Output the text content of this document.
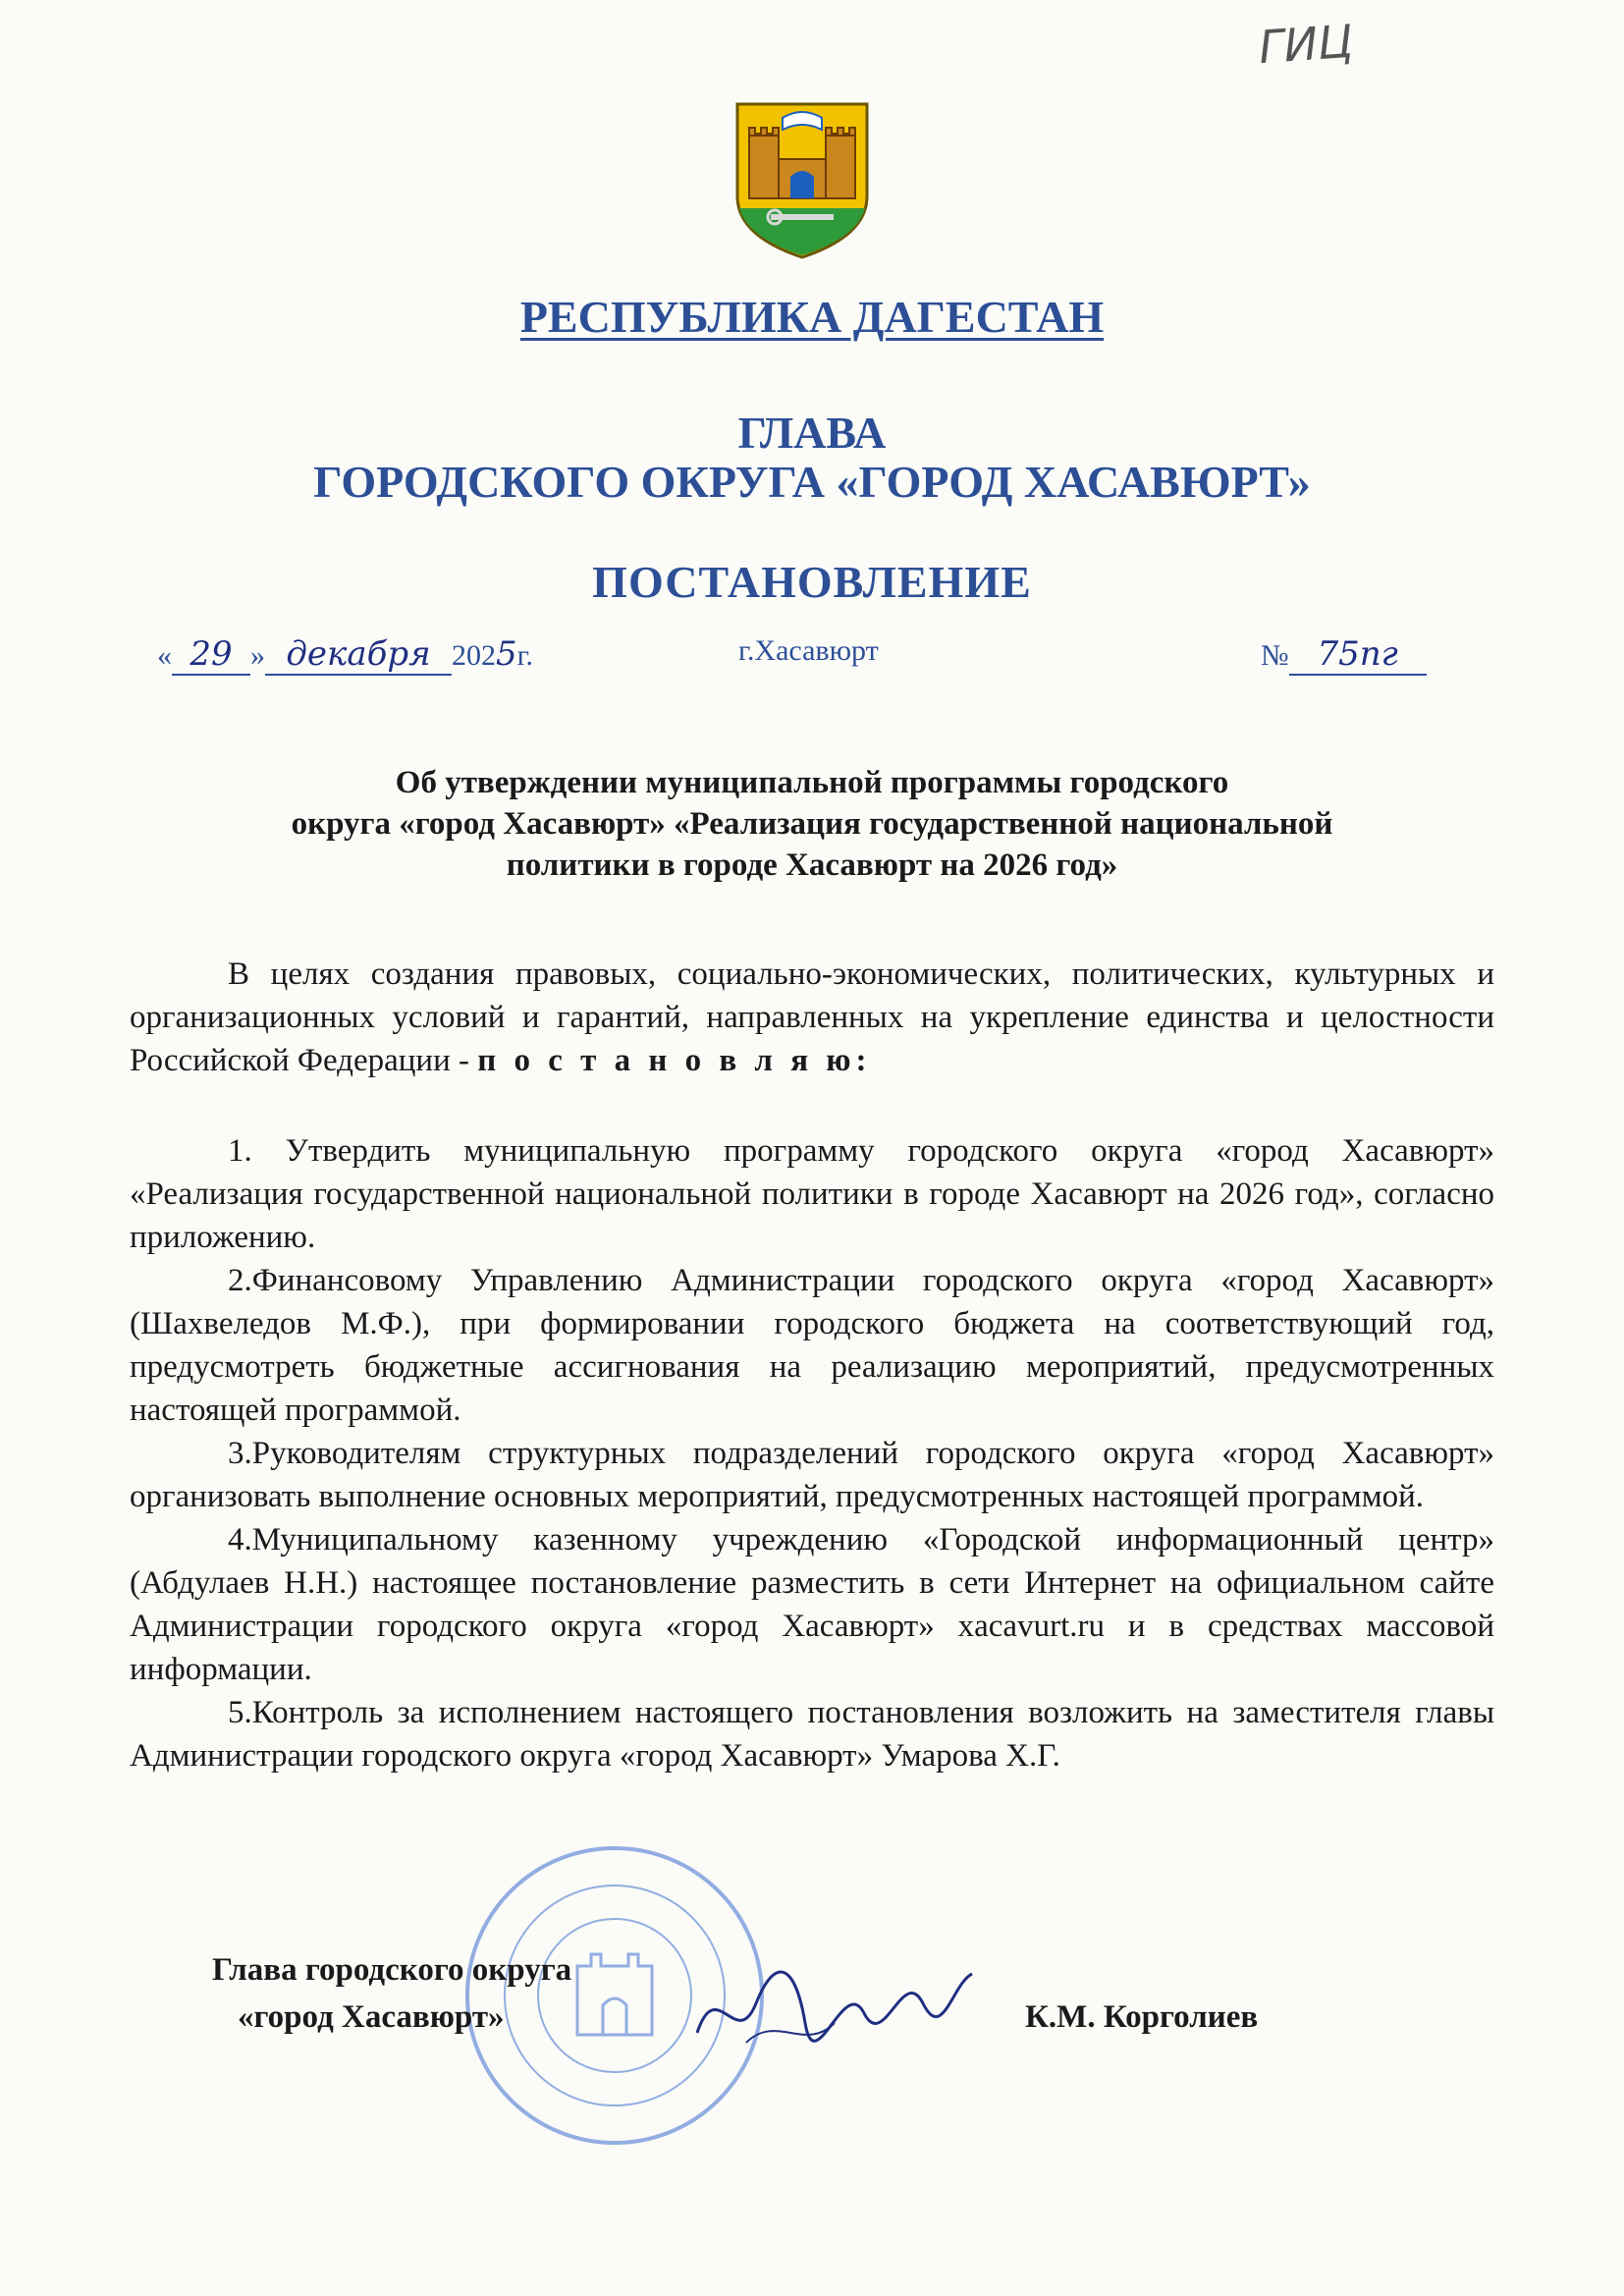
ГИЦ
РЕСПУБЛИКА ДАГЕСТАН
ГЛАВА
ГОРОДСКОГО ОКРУГА «ГОРОД ХАСАВЮРТ»
ПОСТАНОВЛЕНИЕ
« 29 » декабря 2025г.	г.Хасавюрт	№ 75пг
Об утверждении муниципальной программы городского
округа «город Хасавюрт» «Реализация государственной национальной
политики в городе Хасавюрт на 2026 год»
В целях создания правовых, социально-экономических, политических, культурных и организационных условий и гарантий, направленных на укрепление единства и целостности Российской Федерации - п о с т а н о в л я ю:

1. Утвердить муниципальную программу городского округа «город Хасавюрт» «Реализация государственной национальной политики в городе Хасавюрт на 2026 год», согласно приложению.

2.Финансовому Управлению Администрации городского округа «город Хасавюрт» (Шахвеледов М.Ф.), при формировании городского бюджета на соответствующий год, предусмотреть бюджетные ассигнования на реализацию мероприятий, предусмотренных настоящей программой.

3.Руководителям структурных подразделений городского округа «город Хасавюрт» организовать выполнение основных мероприятий, предусмотренных настоящей программой.

4.Муниципальному казенному учреждению «Городской информационный центр» (Абдулаев Н.Н.) настоящее постановление разместить в сети Интернет на официальном сайте Администрации городского округа «город Хасавюрт» xacavurt.ru и в средствах массовой информации.

5.Контроль за исполнением настоящего постановления возложить на заместителя главы Администрации городского округа «город Хасавюрт» Умарова Х.Г.

Глава городского округа
«город Хасавюрт»	К.М. Корголиев
